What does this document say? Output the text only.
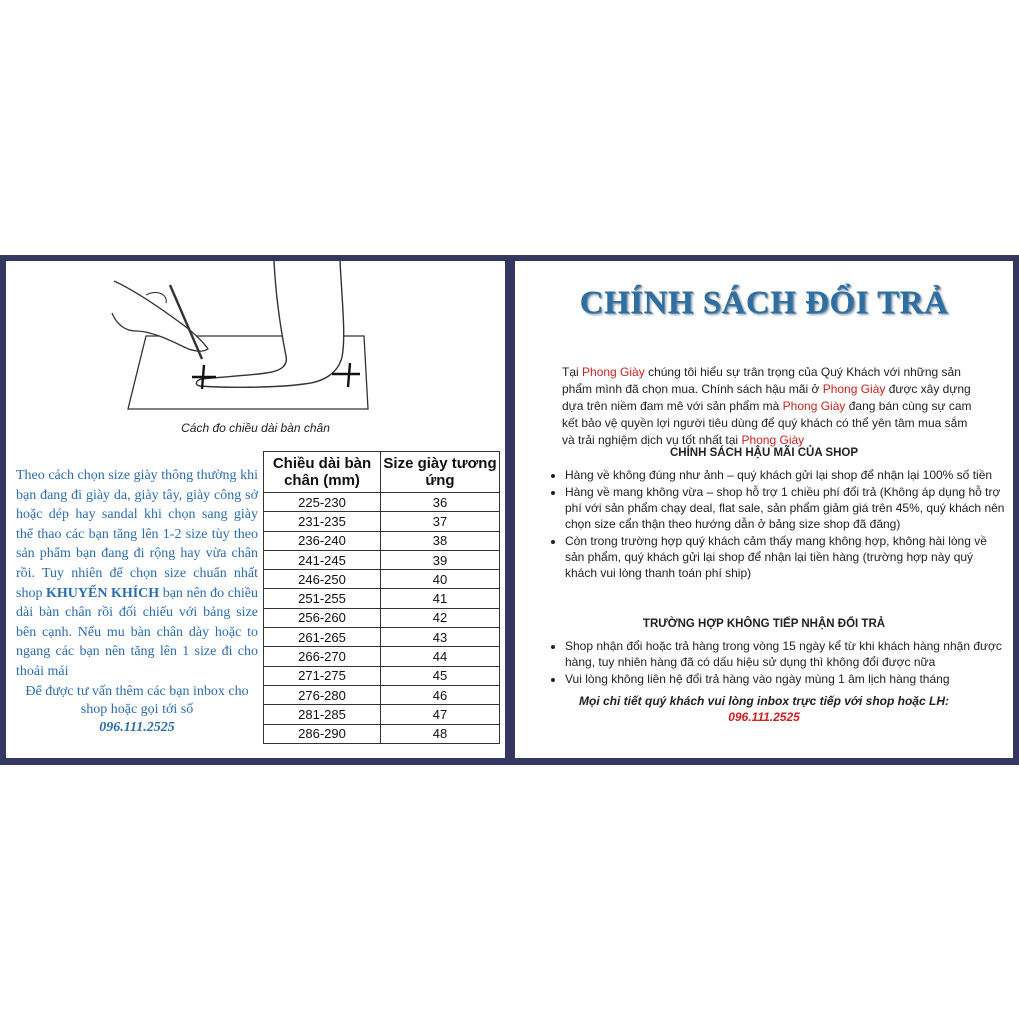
Cách đo chiều dài bàn chân
Theo cách chọn size giày thông thường khi bạn đang đi giày da, giày tây, giày công sở hoặc dép hay sandal khi chọn sang giày thể thao các bạn tăng lên 1-2 size tùy theo sản phẩm bạn đang đi rộng hay vừa chân rồi. Tuy nhiên để chọn size chuẩn nhất shop KHUYẾN KHÍCH bạn nên đo chiều dài bàn chân rồi đối chiếu với bảng size bên cạnh. Nếu mu bàn chân dày hoặc to ngang các bạn nên tăng lên 1 size đi cho thoải mái
Để được tư vấn thêm các bạn inbox cho shop hoặc gọi tới số
096.111.2525
Chiều dài bàn chân (mm)	Size giày tương ứng
225-230	36
231-235	37
236-240	38
241-245	39
246-250	40
251-255	41
256-260	42
261-265	43
266-270	44
271-275	45
276-280	46
281-285	47
286-290	48
CHÍNH SÁCH ĐỔI TRẢ
Tại Phong Giày chúng tôi hiểu sự trân trọng của Quý Khách với những sản phẩm mình đã chọn mua. Chính sách hậu mãi ở Phong Giày được xây dựng dựa trên niềm đam mê với sản phẩm mà Phong Giày đang bán cùng sự cam kết bảo vệ quyền lợi người tiêu dùng để quý khách có thể yên tâm mua sắm và trải nghiệm dịch vụ tốt nhất tại Phong Giày
CHÍNH SÁCH HẬU MÃI CỦA SHOP
• Hàng về không đúng như ảnh – quý khách gửi lại shop để nhận lại 100% số tiền
• Hàng về mang không vừa – shop hỗ trợ 1 chiều phí đổi trả (Không áp dụng hỗ trợ phí với sản phẩm chạy deal, flat sale, sản phẩm giảm giá trên 45%, quý khách nên chọn size cẩn thận theo hướng dẫn ở bảng size shop đã đăng)
• Còn trong trường hợp quý khách cảm thấy mang không hợp, không hài lòng về sản phẩm, quý khách gửi lại shop để nhận lại tiền hàng (trường hợp này quý khách vui lòng thanh toán phí ship)
TRƯỜNG HỢP KHÔNG TIẾP NHẬN ĐỔI TRẢ
• Shop nhận đổi hoặc trả hàng trong vòng 15 ngày kể từ khi khách hàng nhận được hàng, tuy nhiên hàng đã có dấu hiệu sử dụng thì không đổi được nữa
• Vui lòng không liên hệ đổi trả hàng vào ngày mùng 1 âm lịch hàng tháng
Mọi chi tiết quý khách vui lòng inbox trực tiếp với shop hoặc LH:
096.111.2525
